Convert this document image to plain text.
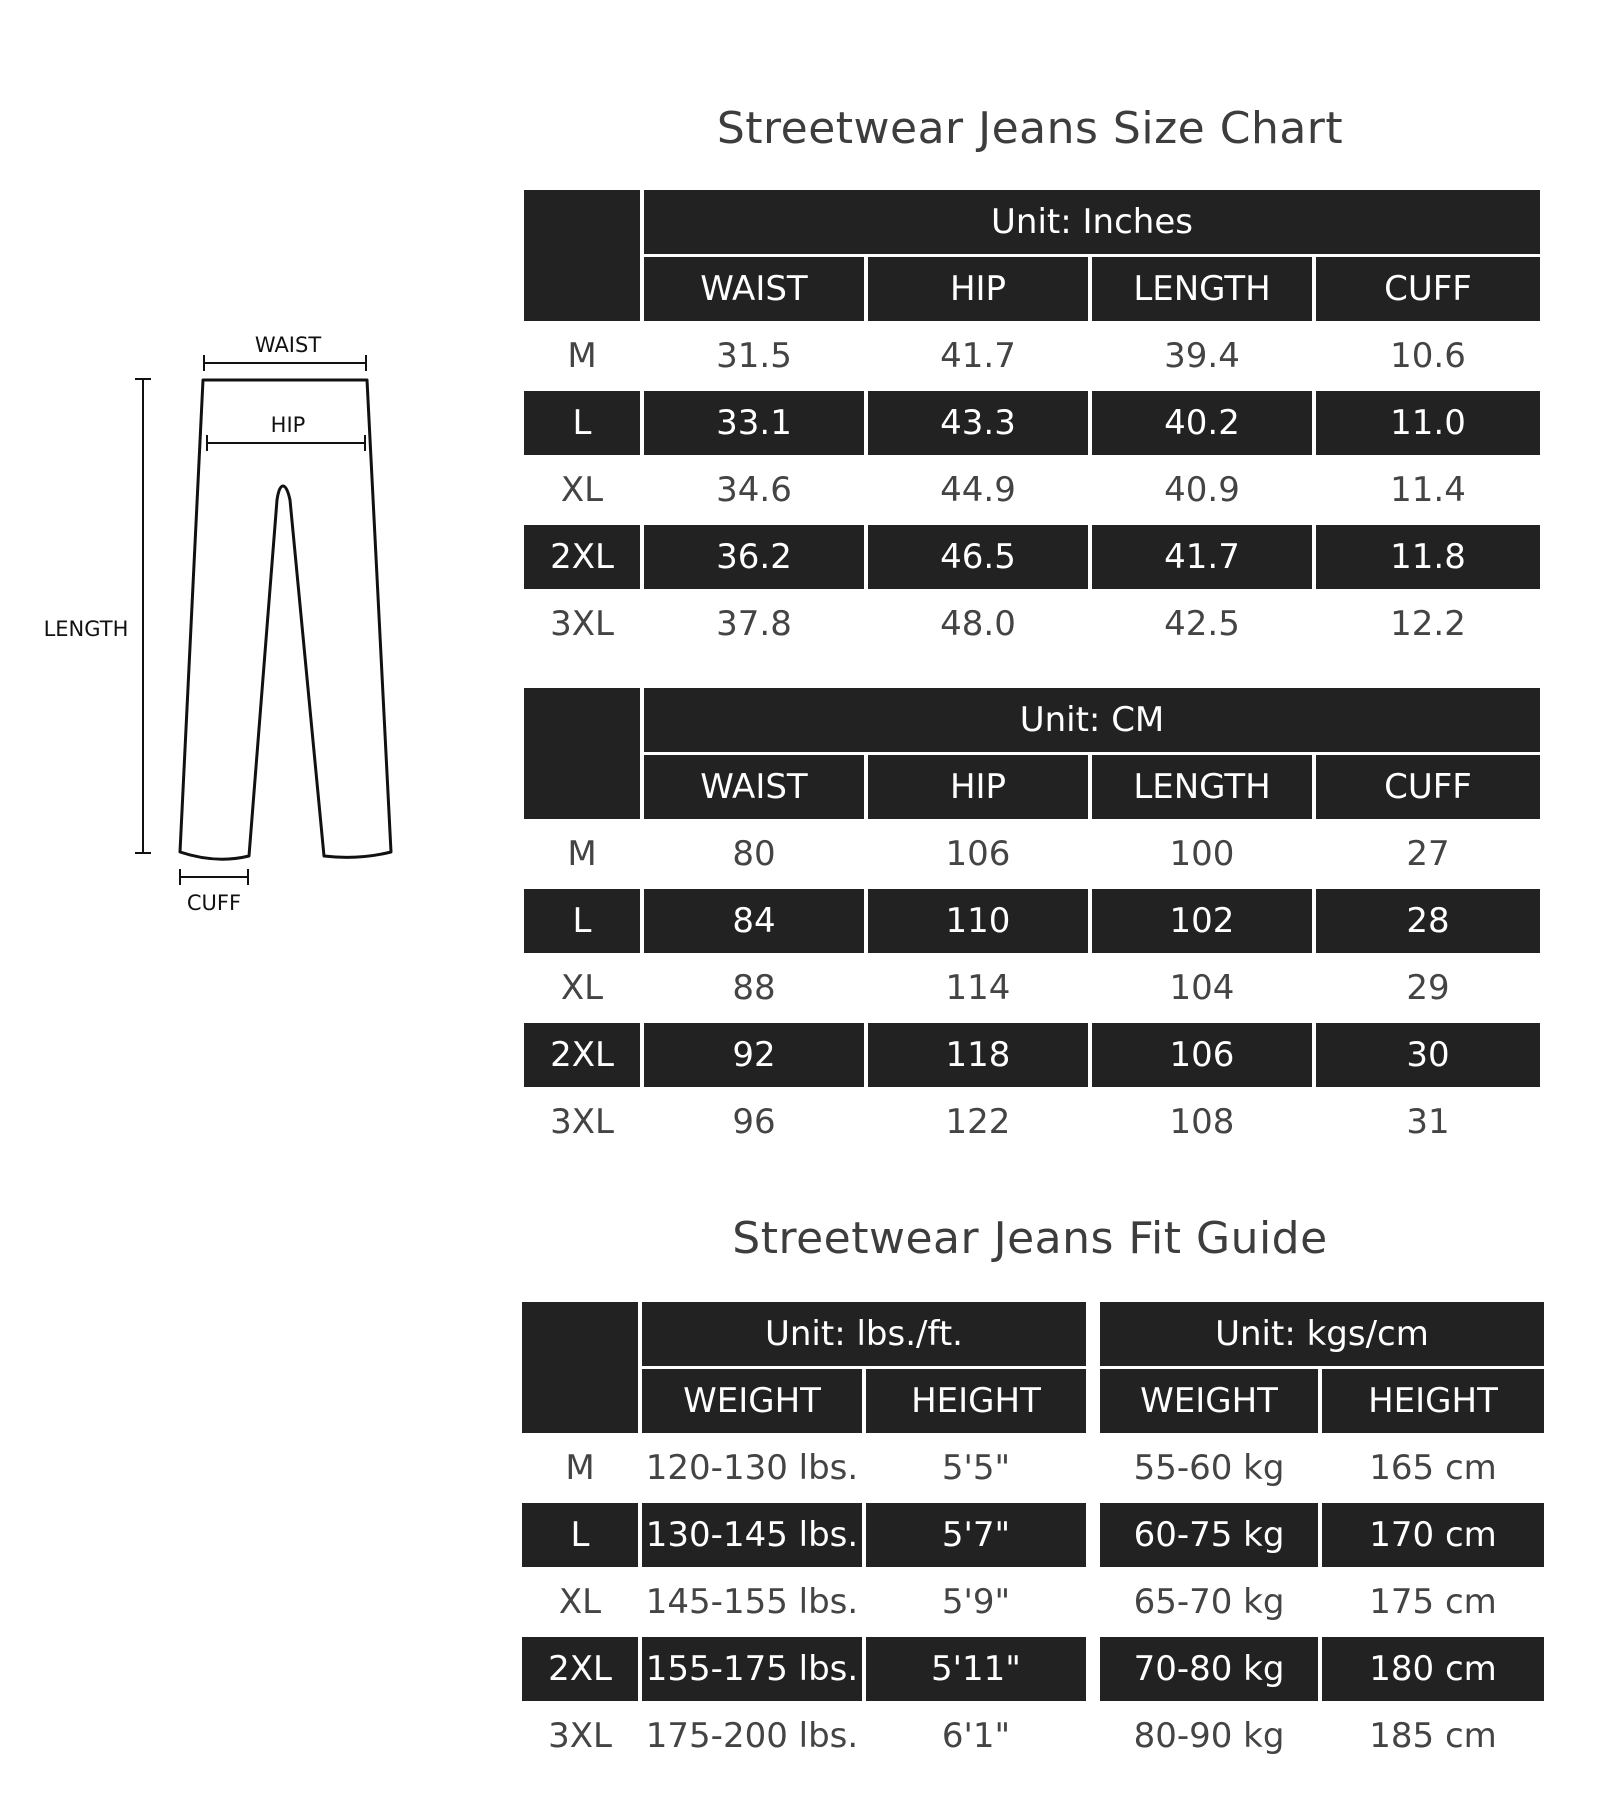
WAIST
HIP
LENGTH
CUFF
Streetwear Jeans Size Chart
Unit: Inches
WAIST	HIP	LENGTH	CUFF
M	31.5	41.7	39.4	10.6
L	33.1	43.3	40.2	11.0
XL	34.6	44.9	40.9	11.4
2XL	36.2	46.5	41.7	11.8
3XL	37.8	48.0	42.5	12.2
Unit: CM
WAIST	HIP	LENGTH	CUFF
M	80	106	100	27
L	84	110	102	28
XL	88	114	104	29
2XL	92	118	106	30
3XL	96	122	108	31
Streetwear Jeans Fit Guide
Unit: lbs./ft.	Unit: kgs/cm
WEIGHT	HEIGHT	WEIGHT	HEIGHT
M	120-130 lbs.	5'5"	55-60 kg	165 cm
L	130-145 lbs.	5'7"	60-75 kg	170 cm
XL	145-155 lbs.	5'9"	65-70 kg	175 cm
2XL 155-175 lbs.	5'11"	70-80 kg	180 cm
3XL 175-200 lbs.	6'1"	80-90 kg	185 cm
